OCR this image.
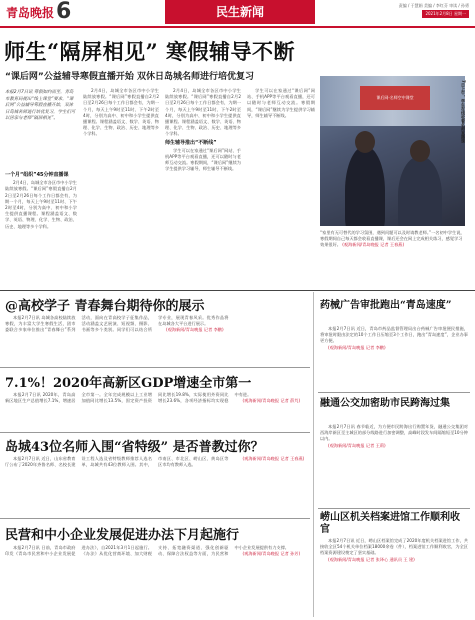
青岛晚报 6	民生新闻	责编 / 于慧娟 美编 / 李红芬 审读 / 孙勇
2021年2月8日 星期一
师生“隔屏相见” 寒假辅导不断
“课后网”公益辅导寒假直播开始 双休日岛城名师进行培优复习
本报2月7日讯 寒假如约而至，青岛市教育局提出“线上课堂”要求，“课后网”公益辅导寒假直播开始，双休日岛城名师进行培优复习，学生们可以居家与老师“隔屏相见”。

一个月“组织”45分钟直播课

2月4日，岛城全市各区市中小学生陆续放寒假。“课后网”寒假直播自2月2日至2月26日每个工作日都会有，为期一个月，每天上午9时至11时、下午2时至4时，分别为高中、初中和小学生提供直播课程。课程涵盖语文、数学、英语、物理、化学、生物、政治、历史、地理等多个学科。

2月4日，岛城全市各区市中小学生陆续放寒假。“课后网”寒假直播自2月2日至2月26日每个工作日都会有，为期一个月，每天上午9时至11时、下午2时至4时，分别为高中、初中和小学生提供直播课程。课程涵盖语文、数学、英语、物理、化学、生物、政治、历史、地理等多个学科。

2月4日，岛城全市各区市中小学生陆续放寒假。“课后网”寒假直播自2月2日至2月26日每个工作日都会有，为期一个月，每天上午9时至11时、下午2时至4时，分别为高中、初中和小学生提供直播课程。课程涵盖语文、数学、英语、物理、化学、生物、政治、历史、地理等多个学科。

师生辅导推出“不断线”

学生可以在家通过“课后网”网站、手机APP等平台观看直播，还可以随时与老师互动交流。寒假期间，“课后网”继续为学生提供学习辅导，师生辅导不断线。

学生可以在家通过“课后网”网站、手机APP等平台观看直播，还可以随时与老师互动交流。寒假期间，“课后网”继续为学生提供学习辅导，师生辅导不断线。

课后网·名师空中课堂	7日上午，学生在线收看名师直播课
“家里有无可替代的学习氛围，遇到问题可以及时请教老师。”一名初中学生说，寒假期间自己每天都会收看直播课，课后还会在网上完成相关练习，感觉学习效果很好。 (观海新闻/青岛晚报 记者 王春燕)
@高校学子 青春舞台期待你的展示

本报2月7日讯 岛城各高校陆续放寒假，为丰富大学生寒假生活，团市委联合多家单位推出“青春舞台”系列活动，面向在青高校学子征集作品，活动涵盖文艺展演、短视频、摄影、书画等多个类别。同学们可以结合所学专业，展现青春风采。优秀作品将在岛城各大平台进行展示。

(观海新闻/青岛晚报 记者 李鹏)

7.1%！2020年高新区GDP增速全市第一

本报2月7日讯 2020年，青岛高新区地区生产总值增长7.1%，增速居全市第一。全年完成规模以上工业增加值同比增长13.5%，固定资产投资同比增长19.8%，实际使用外资同比增长23.6%，各项经济指标均实现稳中有进。

(观海新闻/青岛晚报 记者 薛芃)

岛城43位名师入围“省特级” 是否普教过你？

本报2月7日讯 近日，山东省教育厅公布了2020年齐鲁名师、名校长建设工程人选及省特级教师推荐人选名单，岛城共有43位教师入围。其中，市南区、市北区、崂山区、黄岛区等区市均有教师入选。

(观海新闻/青岛晚报 记者 王春燕)

民营和中小企业发展促进办法下月起施行

本报2月7日讯 日前，青岛市政府印发《青岛市民营和中小企业发展促进办法》，自2021年3月1日起施行。《办法》从优化营商环境、加大财税支持、拓宽融资渠道、强化创新驱动、保障合法权益等方面，为民营和中小企业发展提供有力支撑。

(观海新闻/青岛晚报 记者 孙芳)

药械广告审批跑出“青岛速度”

本报2月7日讯 近日，青岛市药品监督管理局出台药械广告审批便民措施，将审批时限由法定的10个工作日压缩至3个工作日，跑出“青岛速度”，企业办事更方便。

(观海新闻/青岛晚报 记者 李鹏)

融通公交加密助市民跨海过集

本报2月7日讯 春节临近，为方便市民跨海出行购置年货，融通公交集团对西海岸新区至主城区的部分线路进行加密调整，高峰时段发车间隔缩短至10分钟以内。

(观海新闻/青岛晚报 记者 王莉)

崂山区机关档案进馆工作顺利收官

本报2月7日讯 近日，崂山区档案馆完成了2020年度机关档案进馆工作，共接收全区54个机关单位档案18000余卷（件），档案进馆工作顺利收官，为全区档案资源建设奠定了坚实基础。

(观海新闻/青岛晚报 记者 张译心 通讯员 王 建)
